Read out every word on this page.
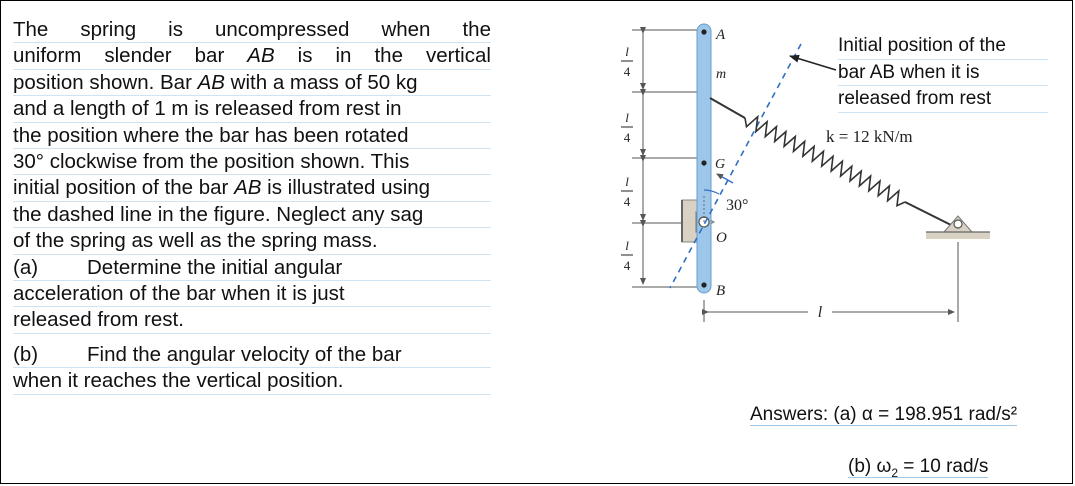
The spring is uncompressed when the
uniform slender bar AB is in the vertical
position shown. Bar AB with a mass of 50 kg
and a length of 1 m is released from rest in
the position where the bar has been rotated
30° clockwise from the position shown. This
initial position of the bar AB is illustrated using
the dashed line in the figure. Neglect any sag
of the spring as well as the spring mass.
(a) Determine the initial angular
acceleration of the bar when it is just
released from rest.
(b) Find the angular velocity of the bar
when it reaches the vertical position.
l
4
l
4
l
4
l
4
l
A
m
G
30°
O
B
k = 12 kN/m
Initial position of the
bar AB when it is
released from rest
Answers: (a) α = 198.951 rad/s²
(b) $\omega_2 = 10$ rad/s
